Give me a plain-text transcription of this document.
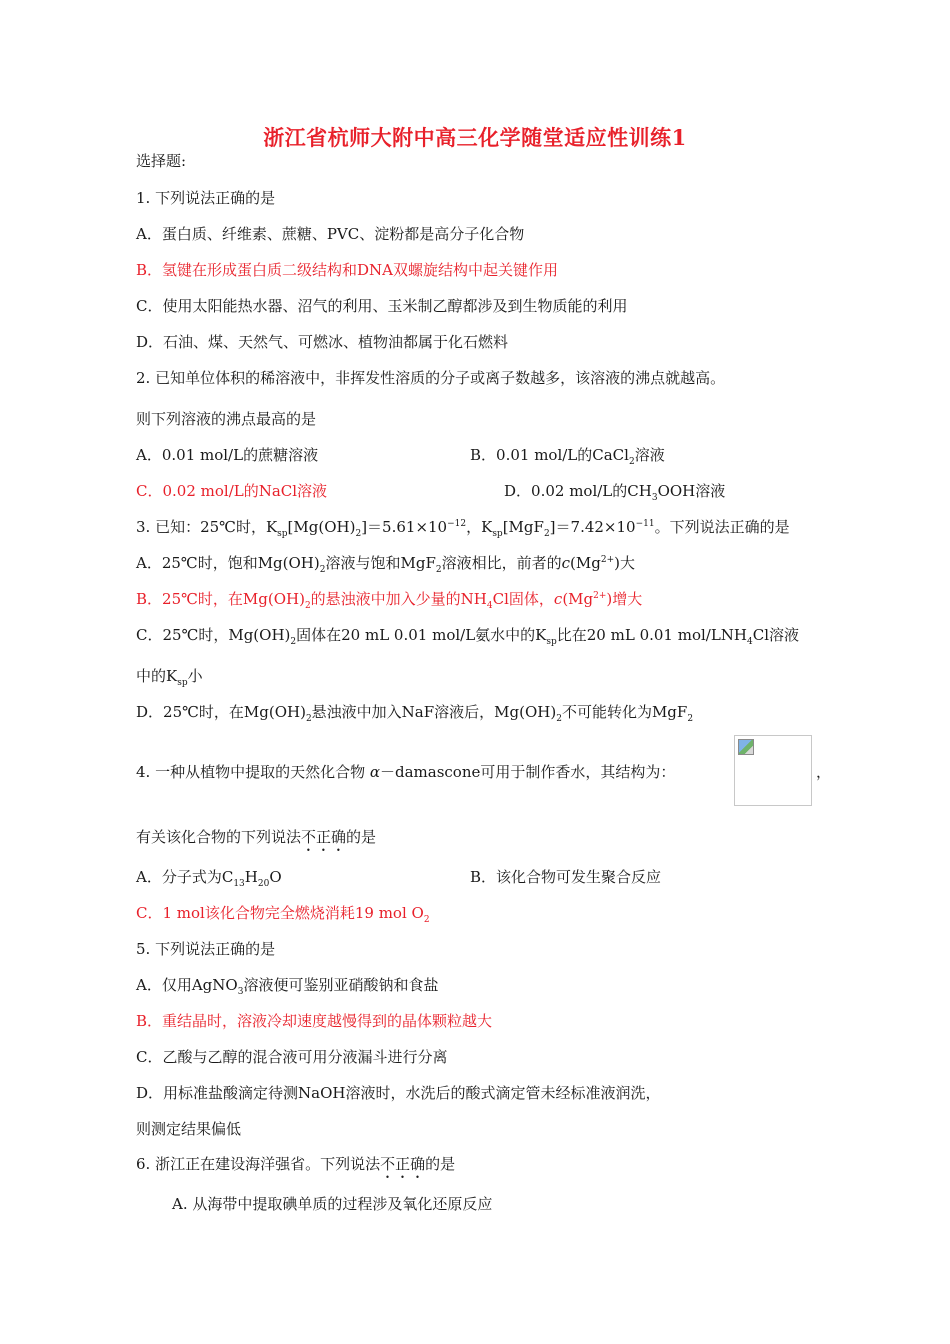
浙江省杭师大附中高三化学随堂适应性训练1
选择题:
1. 下列说法正确的是
A．蛋白质、纤维素、蔗糖、PVC、淀粉都是高分子化合物
B．氢键在形成蛋白质二级结构和DNA双螺旋结构中起关键作用
C．使用太阳能热水器、沼气的利用、玉米制乙醇都涉及到生物质能的利用
D．石油、煤、天然气、可燃冰、植物油都属于化石燃料
2. 已知单位体积的稀溶液中，非挥发性溶质的分子或离子数越多，该溶液的沸点就越高。
则下列溶液的沸点最高的是
A．0.01 mol/L的蔗糖溶液	B．0.01 mol/L的CaCl$_2$溶液
C．0.02 mol/L的NaCl溶液	D．0.02 mol/L的$CH_3OOH$溶液
3. 已知：25℃时，$K_{sp}[Mg(OH)_2]=5.61\times 10^{-12}$，$K_{sp}[MgF_2]=7.42\times 10^{-11}$。下列说法正确的是
A．25℃时，饱和$Mg(OH)_2$溶液与饱和MgF$_2$溶液相比，前者的$c(Mg^{2+})$大
B．25℃时，在$Mg(OH)_2$的悬浊液中加入少量的$NH_4Cl$固体，$c(Mg^{2+})$增大
C．25℃时，$Mg(OH)_2$固体在20 mL 0.01 mol/L氨水中的$K_{sp}$比在20 mL 0.01 mol/$LNH_4Cl$溶液
中的$K_{sp}$小
D．25℃时，在$Mg(OH)_2$悬浊液中加入NaF溶液后，$Mg(OH)_2$不可能转化为MgF$_2$
4. 一种从植物中提取的天然化合物 α－damascone可用于制作香水，其结构为：	，
有关该化合物的下列说法不正确的是
A．分子式为$C_{13}H_{20}O$	B．该化合物可发生聚合反应
C．1 mol该化合物完全燃烧消耗19 mol $O_2$
5. 下列说法正确的是
A．仅用AgNO$_3$溶液便可鉴别亚硝酸钠和食盐
B．重结晶时，溶液冷却速度越慢得到的晶体颗粒越大
C．乙酸与乙醇的混合液可用分液漏斗进行分离
D．用标准盐酸滴定待测NaOH溶液时，水洗后的酸式滴定管未经标准液润洗，
则测定结果偏低
6. 浙江正在建设海洋强省。下列说法不正确的是
A. 从海带中提取碘单质的过程涉及氧化还原反应
